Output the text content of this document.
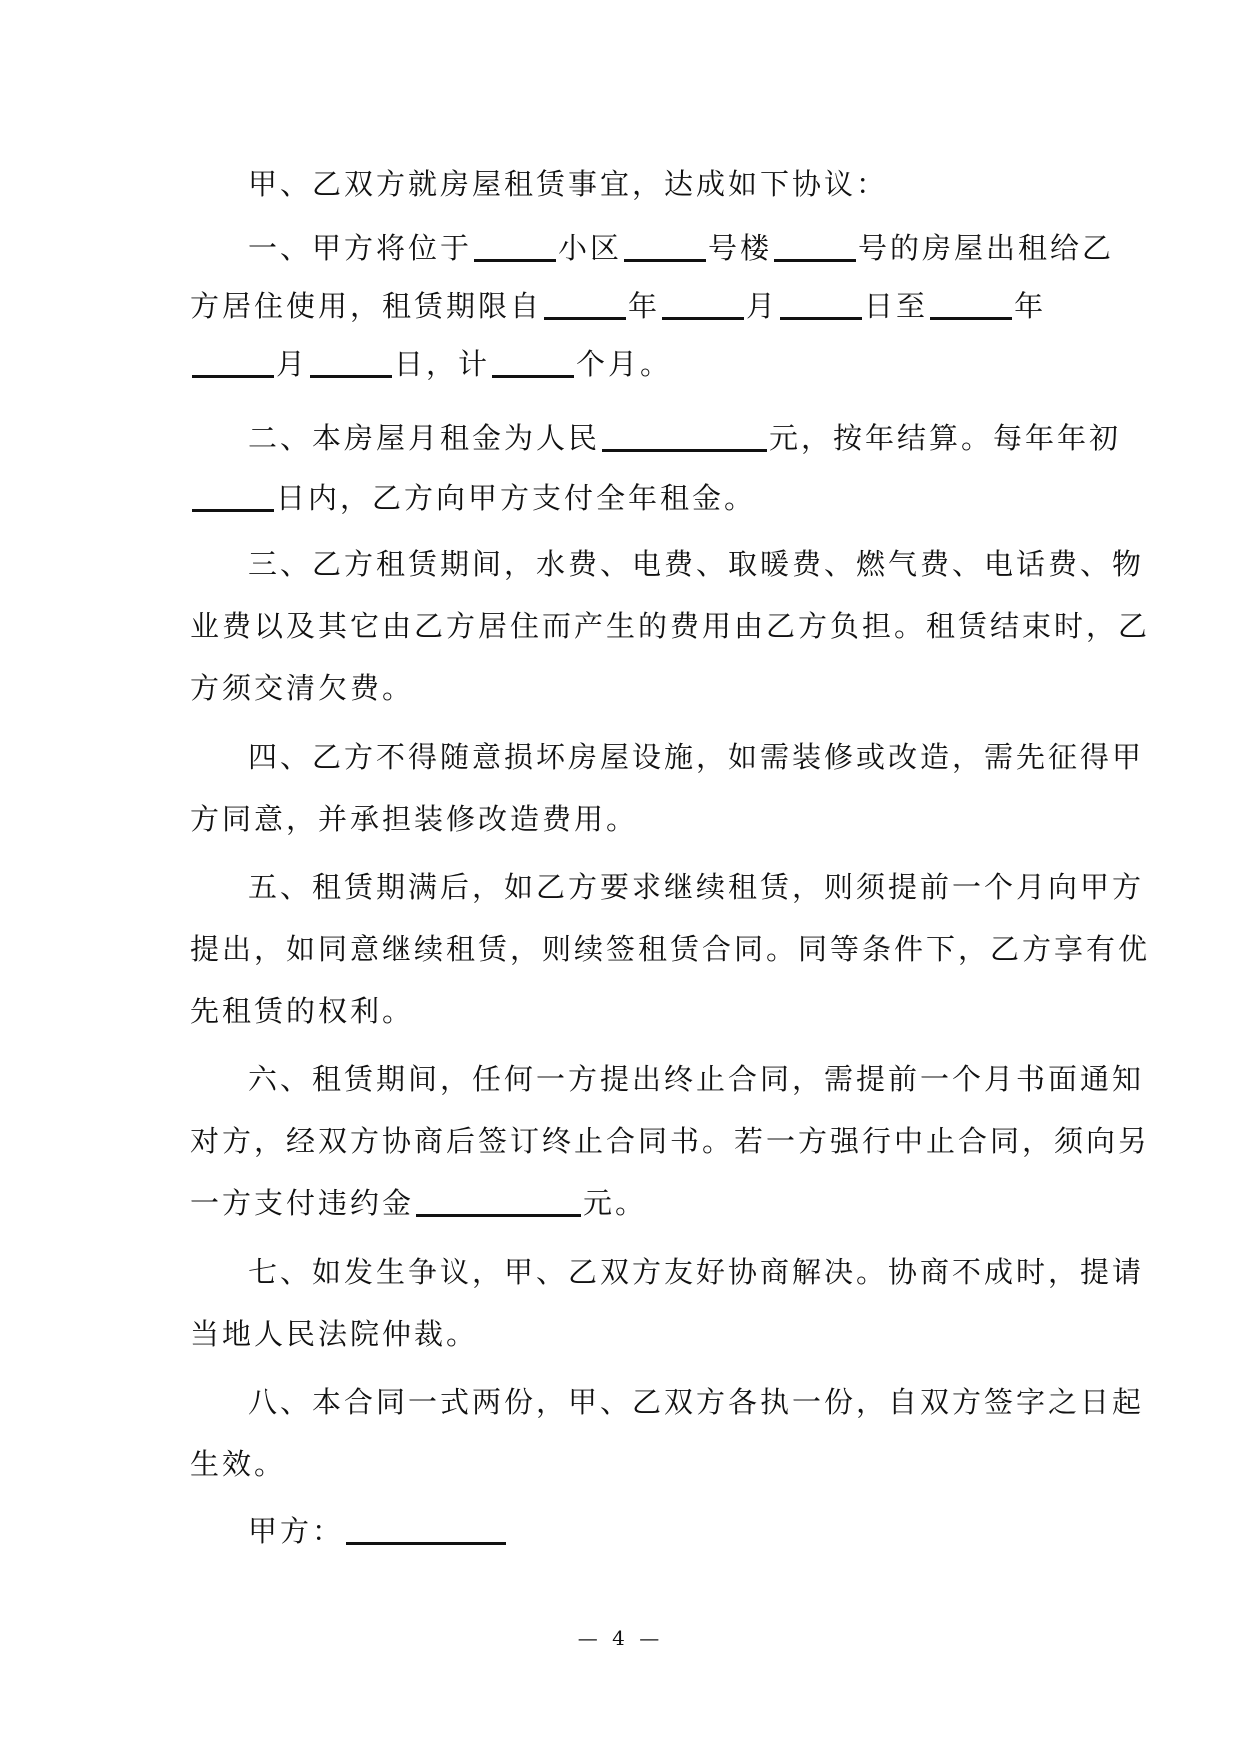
甲、乙双方就房屋租赁事宜，达成如下协议：
一、甲方将位于	小区	号楼	号的房屋出租给乙
方居住使用，租赁期限自	年	月	日至	年
月	日，计	个月。
二、本房屋月租金为人民	元，按年结算。每年年初
日内，乙方向甲方支付全年租金。
三、乙方租赁期间，水费、电费、取暖费、燃气费、电话费、物
业费以及其它由乙方居住而产生的费用由乙方负担。租赁结束时，乙
方须交清欠费。
四、乙方不得随意损坏房屋设施，如需装修或改造，需先征得甲
方同意，并承担装修改造费用。
五、租赁期满后，如乙方要求继续租赁，则须提前一个月向甲方
提出，如同意继续租赁，则续签租赁合同。同等条件下，乙方享有优
先租赁的权利。
六、租赁期间，任何一方提出终止合同，需提前一个月书面通知
对方，经双方协商后签订终止合同书。若一方强行中止合同，须向另
一方支付违约金	元。
七、如发生争议，甲、乙双方友好协商解决。协商不成时，提请
当地人民法院仲裁。
八、本合同一式两份，甲、乙双方各执一份，自双方签字之日起
生效。
甲方：
— 4 —
